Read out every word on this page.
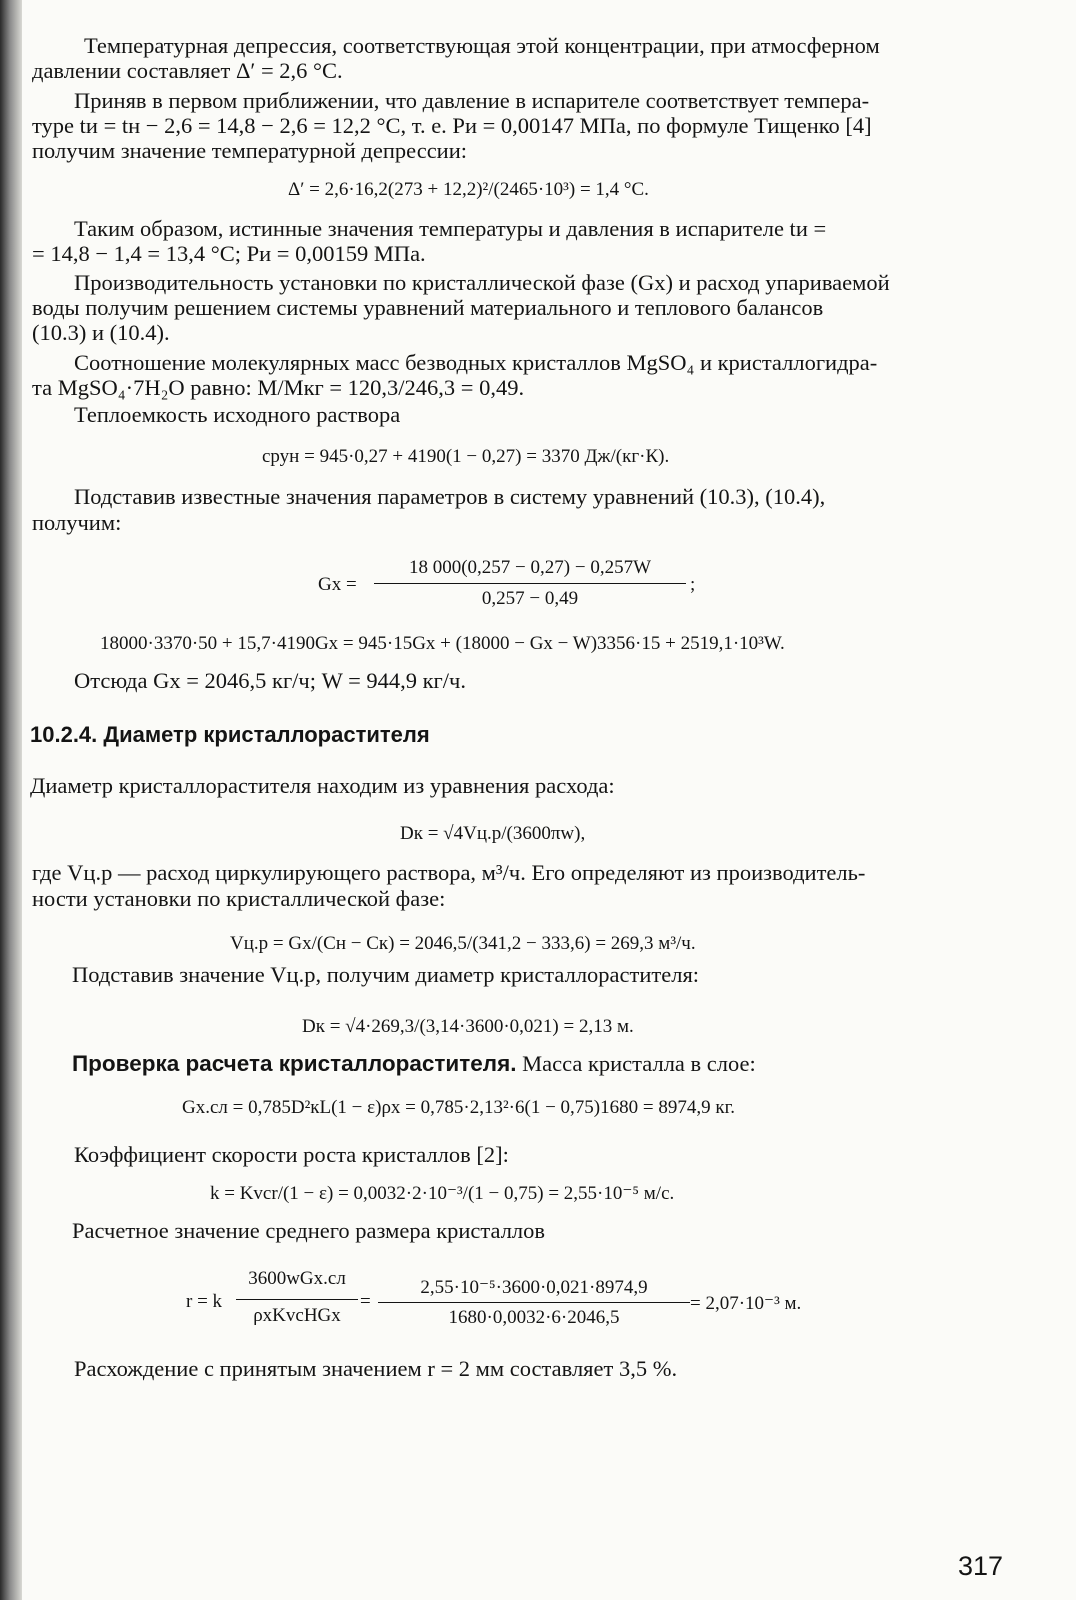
Температурная депрессия, соответствующая этой концентрации, при атмосферном
давлении составляет Δ′ = 2,6 °С.
Приняв в первом приближении, что давление в испарителе соответствует темпера-
туре tи = tн − 2,6 = 14,8 − 2,6 = 12,2 °С, т. е. Pи = 0,00147 МПа, по формуле Тищенко [4]
получим значение температурной депрессии:
Δ′ = 2,6·16,2(273 + 12,2)²/(2465·10³) = 1,4 °С.
Таким образом, истинные значения температуры и давления в испарителе tи =
= 14,8 − 1,4 = 13,4 °С; Pи = 0,00159 МПа.
Производительность установки по кристаллической фазе (Gx) и расход упариваемой
воды получим решением системы уравнений материального и теплового балансов
(10.3) и (10.4).
Соотношение молекулярных масс безводных кристаллов MgSO₄ и кристаллогидра-
та MgSO₄·7H₂O равно: M/Mкг = 120,3/246,3 = 0,49.
Теплоемкость исходного раствора
cрун = 945·0,27 + 4190(1 − 0,27) = 3370 Дж/(кг·К).
Подставив известные значения параметров в систему уравнений (10.3), (10.4),
получим:
Gx =
18 000(0,257 − 0,27) − 0,257W
0,257 − 0,49
;
18000·3370·50 + 15,7·4190Gx = 945·15Gx + (18000 − Gx − W)3356·15 + 2519,1·10³W.
Отсюда Gx = 2046,5 кг/ч; W = 944,9 кг/ч.
10.2.4. Диаметр кристаллорастителя
Диаметр кристаллорастителя находим из уравнения расхода:
Dк = √4Vц.р/(3600πw),
где Vц.р — расход циркулирующего раствора, м³/ч. Его определяют из производитель-
ности установки по кристаллической фазе:
Vц.р = Gx/(Cн − Cк) = 2046,5/(341,2 − 333,6) = 269,3 м³/ч.
Подставив значение Vц.р, получим диаметр кристаллорастителя:
Dк = √4·269,3/(3,14·3600·0,021) = 2,13 м.
Проверка расчета кристаллорастителя. Масса кристалла в слое:
Gx.сл = 0,785D²кL(1 − ε)ρx = 0,785·2,13²·6(1 − 0,75)1680 = 8974,9 кг.
Коэффициент скорости роста кристаллов [2]:
k = Kvcr/(1 − ε) = 0,0032·2·10⁻³/(1 − 0,75) = 2,55·10⁻⁵ м/с.
Расчетное значение среднего размера кристаллов
r = k
3600wGx.сл
ρxKvcHGx
=
2,55·10⁻⁵·3600·0,021·8974,9
1680·0,0032·6·2046,5
= 2,07·10⁻³ м.
Расхождение с принятым значением r = 2 мм составляет 3,5 %.
317
